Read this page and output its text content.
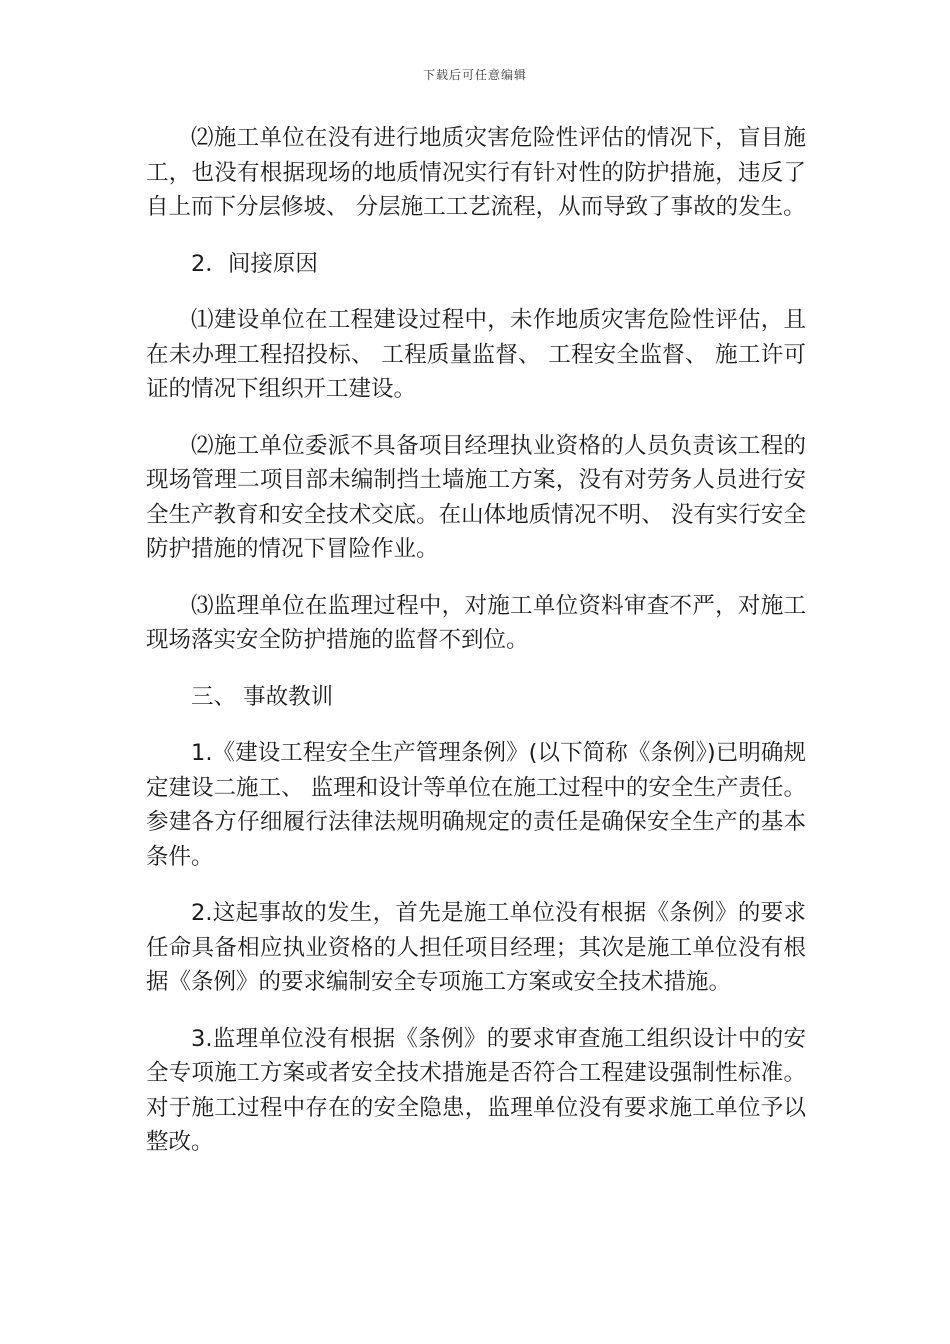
下载后可任意编辑

⑵施工单位在没有进行地质灾害危险性评估的情况下，盲目施工，也没有根据现场的地质情况实行有针对性的防护措施，违反了自上而下分层修坡、 分层施工工艺流程，从而导致了事故的发生。

2．间接原因

⑴建设单位在工程建设过程中，未作地质灾害危险性评估，且在未办理工程招投标、 工程质量监督、 工程安全监督、 施工许可证的情况下组织开工建设。

⑵施工单位委派不具备项目经理执业资格的人员负责该工程的现场管理二项目部未编制挡土墙施工方案，没有对劳务人员进行安全生产教育和安全技术交底。在山体地质情况不明、 没有实行安全防护措施的情况下冒险作业。

⑶监理单位在监理过程中，对施工单位资料审查不严，对施工现场落实安全防护措施的监督不到位。

三、 事故教训

1.《建设工程安全生产管理条例》(以下简称《条例》)已明确规定建设二施工、 监理和设计等单位在施工过程中的安全生产责任。参建各方仔细履行法律法规明确规定的责任是确保安全生产的基本条件。

2.这起事故的发生，首先是施工单位没有根据《条例》的要求任命具备相应执业资格的人担任项目经理；其次是施工单位没有根据《条例》的要求编制安全专项施工方案或安全技术措施。

3.监理单位没有根据《条例》的要求审查施工组织设计中的安全专项施工方案或者安全技术措施是否符合工程建设强制性标准。对于施工过程中存在的安全隐患，监理单位没有要求施工单位予以整改。
